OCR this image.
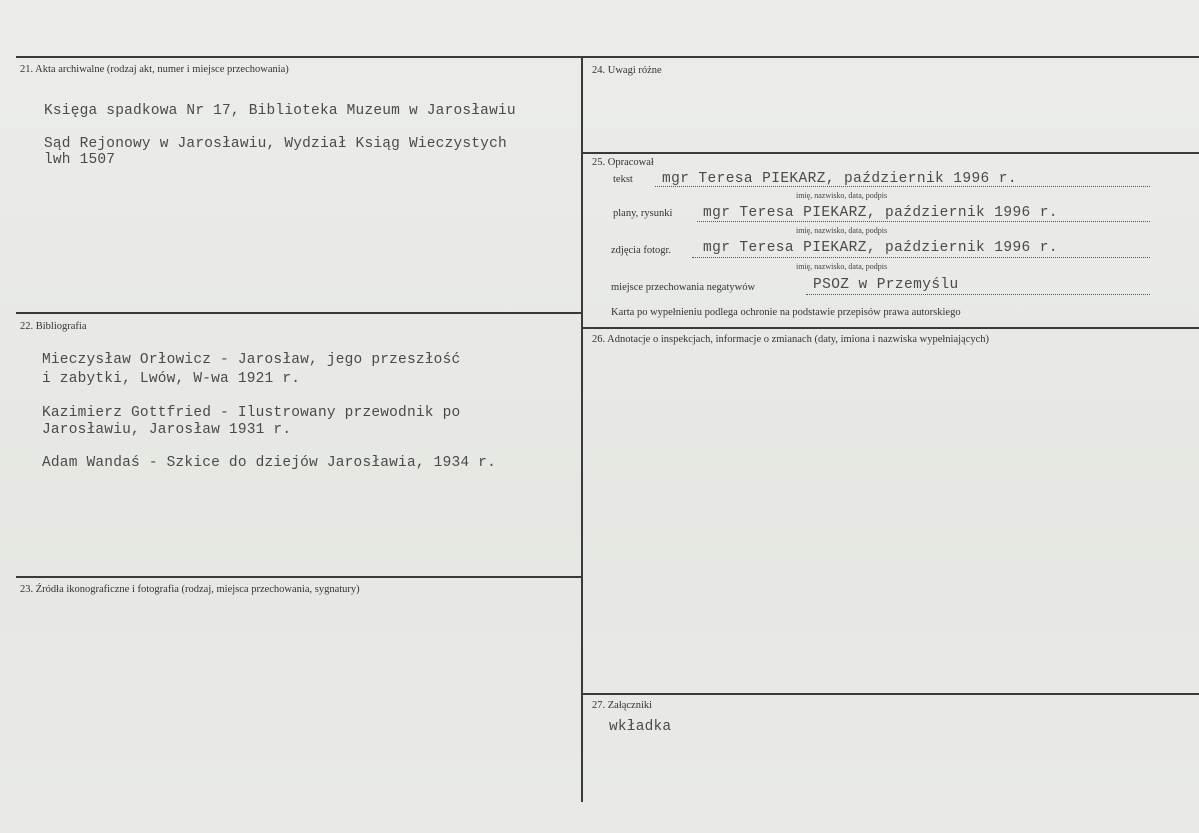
21. Akta archiwalne (rodzaj akt, numer i miejsce przechowania)
Księga spadkowa Nr 17, Biblioteka Muzeum w Jarosławiu
Sąd Rejonowy w Jarosławiu, Wydział Ksiąg Wieczystych
lwh 1507
22. Bibliografia
Mieczysław Orłowicz - Jarosław, jego przeszłość
i zabytki, Lwów, W-wa 1921 r.
Kazimierz Gottfried - Ilustrowany przewodnik po
Jarosławiu, Jarosław 1931 r.
Adam Wandaś - Szkice do dziejów Jarosławia, 1934 r.
23. Źródła ikonograficzne i fotografia (rodzaj, miejsca przechowania, sygnatury)
24. Uwagi różne
25. Opracował
tekst mgr Teresa PIEKARZ, październik 1996 r.
imię, nazwisko, data, podpis
plany, rysunki mgr Teresa PIEKARZ, październik 1996 r.
imię, nazwisko, data, podpis
zdjęcia fotogr. mgr Teresa PIEKARZ, październik 1996 r.
imię, nazwisko, data, podpis
miejsce przechowania negatywów	PSOZ w Przemyślu
Karta po wypełnieniu podlega ochronie na podstawie przepisów prawa autorskiego
26. Adnotacje o inspekcjach, informacje o zmianach (daty, imiona i nazwiska wypełniających)
27. Załączniki
wkładka
